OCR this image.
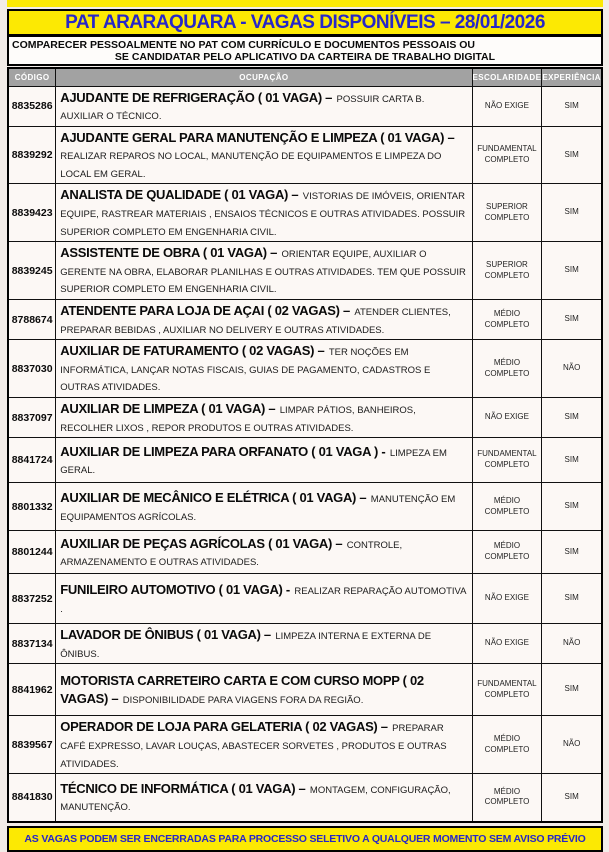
PAT ARARAQUARA - VAGAS DISPONÍVEIS – 28/01/2026
COMPARECER PESSOALMENTE NO PAT COM CURRÍCULO E DOCUMENTOS PESSOAIS OU
SE CANDIDATAR PELO APLICATIVO DA CARTEIRA DE TRABALHO DIGITAL
CÓDIGO	OCUPAÇÃO	ESCOLARIDADE	EXPERIÊNCIA
8835286	AJUDANTE DE REFRIGERAÇÃO ( 01 VAGA) – POSSUIR CARTA B. AUXILIAR O TÉCNICO.	NÃO EXIGE	SIM
8839292	AJUDANTE GERAL PARA MANUTENÇÃO E LIMPEZA ( 01 VAGA) – REALIZAR REPAROS NO LOCAL, MANUTENÇÃO DE EQUIPAMENTOS E LIMPEZA DO LOCAL EM GERAL.	FUNDAMENTAL COMPLETO	SIM
8839423	ANALISTA DE QUALIDADE ( 01 VAGA) – VISTORIAS DE IMÓVEIS, ORIENTAR EQUIPE, RASTREAR MATERIAIS , ENSAIOS TÉCNICOS E OUTRAS ATIVIDADES. POSSUIR SUPERIOR COMPLETO EM ENGENHARIA CIVIL.	SUPERIOR COMPLETO	SIM
8839245	ASSISTENTE DE OBRA ( 01 VAGA) – ORIENTAR EQUIPE, AUXILIAR O GERENTE NA OBRA, ELABORAR PLANILHAS E OUTRAS ATIVIDADES. TEM QUE POSSUIR SUPERIOR COMPLETO EM ENGENHARIA CIVIL.	SUPERIOR COMPLETO	SIM
8788674	ATENDENTE PARA LOJA DE AÇAI ( 02 VAGAS) – ATENDER CLIENTES, PREPARAR BEBIDAS , AUXILIAR NO DELIVERY E OUTRAS ATIVIDADES.	MÉDIO COMPLETO	SIM
8837030	AUXILIAR DE FATURAMENTO ( 02 VAGAS) – TER NOÇÕES EM INFORMÁTICA, LANÇAR NOTAS FISCAIS, GUIAS DE PAGAMENTO, CADASTROS E OUTRAS ATIVIDADES.	MÉDIO COMPLETO	NÃO
8837097	AUXILIAR DE LIMPEZA ( 01 VAGA) – LIMPAR PÁTIOS, BANHEIROS, RECOLHER LIXOS , REPOR PRODUTOS E OUTRAS ATIVIDADES.	NÃO EXIGE	SIM
8841724	AUXILIAR DE LIMPEZA PARA ORFANATO ( 01 VAGA ) - LIMPEZA EM GERAL.	FUNDAMENTAL COMPLETO	SIM
8801332	AUXILIAR DE MECÂNICO E ELÉTRICA ( 01 VAGA) – MANUTENÇÃO EM EQUIPAMENTOS AGRÍCOLAS.	MÉDIO COMPLETO	SIM
8801244	AUXILIAR DE PEÇAS AGRÍCOLAS ( 01 VAGA) – CONTROLE, ARMAZENAMENTO E OUTRAS ATIVIDADES.	MÉDIO COMPLETO	SIM
8837252	FUNILEIRO AUTOMOTIVO ( 01 VAGA) - REALIZAR REPARAÇÃO AUTOMOTIVA .	NÃO EXIGE	SIM
8837134	LAVADOR DE ÔNIBUS ( 01 VAGA) – LIMPEZA INTERNA E EXTERNA DE ÔNIBUS.	NÃO EXIGE	NÃO
8841962	MOTORISTA CARRETEIRO CARTA E COM CURSO MOPP ( 02 VAGAS) – DISPONIBILIDADE PARA VIAGENS FORA DA REGIÃO.	FUNDAMENTAL COMPLETO	SIM
8839567	OPERADOR DE LOJA PARA GELATERIA ( 02 VAGAS) – PREPARAR CAFÉ EXPRESSO, LAVAR LOUÇAS, ABASTECER SORVETES , PRODUTOS E OUTRAS ATIVIDADES.	MÉDIO COMPLETO	NÃO
8841830	TÉCNICO DE INFORMÁTICA ( 01 VAGA) – MONTAGEM, CONFIGURAÇÃO, MANUTENÇÃO.	MÉDIO COMPLETO	SIM
AS VAGAS PODEM SER ENCERRADAS PARA PROCESSO SELETIVO A QUALQUER MOMENTO SEM AVISO PRÉVIO
